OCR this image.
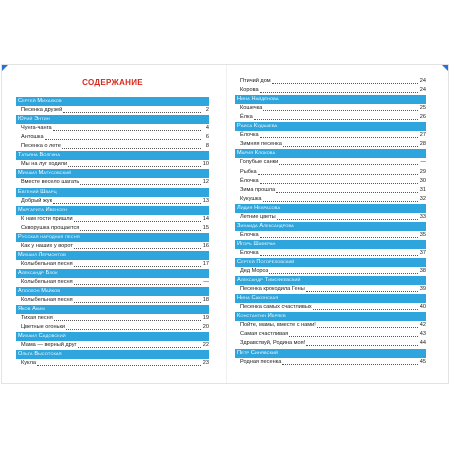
СОДЕРЖАНИЕ
Сергей Михалков
Песенка друзей	2
Юрий Энтин
Чунга-чанга	4
Антошка	6
Песенка о лете	8
Татьяна Волгина
Мы на луг ходили	10
Михаил Матусовский
Вместе весело шагать	12
Евгений Шварц
Добрый жук	13
Маргарита Ивенсен
К нам гости пришли	14
Скворушка прощается	15
Русская народная песня
Как у наших у ворот	16
Михаил Лермонтов
Колыбельная песня	17
Александр Блок
Колыбельная песня	—
Аполлон Майков
Колыбельная песня	18
Яков Аким
Тихая песня	19
Цветные огоньки	20
Михаил Садовский
Мама — верный друг	22
Ольга Высотская
Кукла	23
Птичий дом	24
Корова	24
Нина Найдёнова
Кошечка	25
Ёлка	26
Раиса Кудашева
Ёлочка	27
Зимняя песенка	28
Мария Клокова
Голубые санки	—
Рыбка	29
Ёлочка	30
Зима прошла	31
Кукушка	32
Лидия Некрасова
Летние цветы	33
Зинаида Александрова
Ёлочка	35
Игорь Шаферан
Ёлочка	37
Сергей Погореловский
Дед Мороз	38
Александр Тимофеевский
Песенка крокодила Гены	39
Нина Саконская
Песенка самых счастливых	40
Константин Ибряев
Пойте, мамы, вместе с нами!	42
Самая счастливая	43
Здравствуй, Родина моя!	44
Петр Синявский
Родная песенка	45
